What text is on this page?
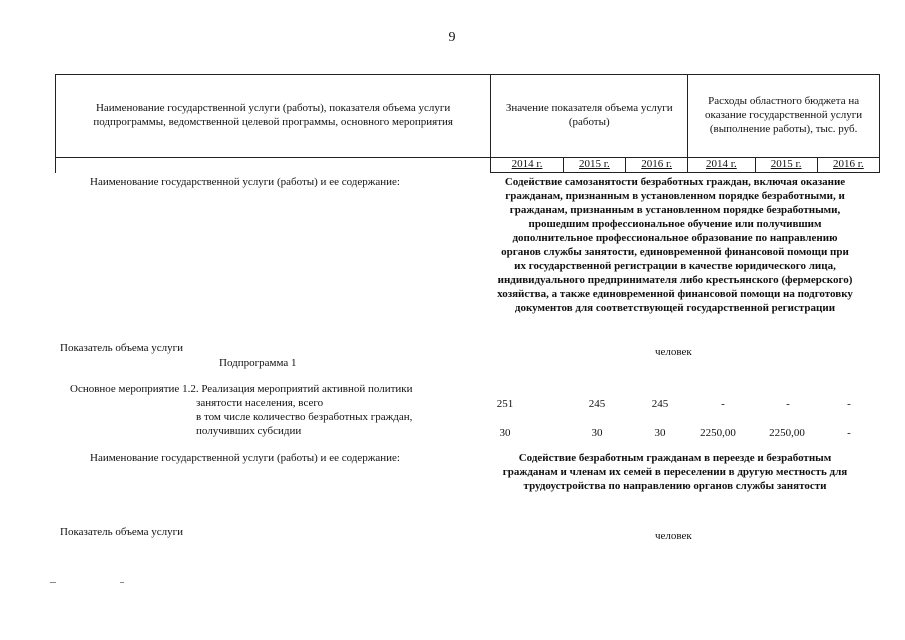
9
Наименование государственной услуги (работы), показателя объема услуги подпрограммы, ведомственной целевой программы, основного мероприятия	Значение показателя объема услуги (работы)			Расходы областного бюджета на оказание государственной услуги (выполнение работы), тыс. руб.		

	2014 г.	2015 г.	2016 г.	2014 г.	2015 г.	2016 г.
Наименование государственной услуги (работы) и ее содержание:	Содействие самозанятости безработных граждан, включая оказание
гражданам, признанным в установленном порядке безработными, и
гражданам, признанным в установленном порядке безработными,
прошедшим профессиональное обучение или получившим
дополнительное профессиональное образование по направлению
органов службы занятости, единовременной финансовой помощи при
их государственной регистрации в качестве юридического лица,
индивидуального предпринимателя либо крестьянского (фермерского)
хозяйства, а также единовременной финансовой помощи на подготовку
документов для соответствующей государственной регистрации
Показатель объема услуги	человек
Подпрограмма 1
Основное мероприятие 1.2. Реализация мероприятий активной политики
занятости населения, всего	251	245	245	-	-	-
в том числе количество безработных граждан,
получивших субсидии	30	30	30	2250,00	2250,00	-
Наименование государственной услуги (работы) и ее содержание:	Содействие безработным гражданам в переезде и безработным
гражданам и членам их семей в переселении в другую местность для
трудоустройства по направлению органов службы занятости
Показатель объема услуги	человек
